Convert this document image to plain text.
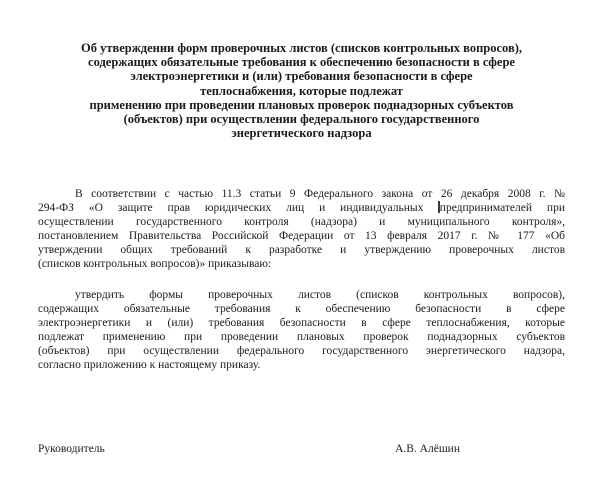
Об утверждении форм проверочных листов (списков контрольных вопросов),
содержащих обязательные требования к обеспечению безопасности в сфере
электроэнергетики и (или) требования безопасности в сфере
теплоснабжения, которые подлежат
применению при проведении плановых проверок поднадзорных субъектов
(объектов) при осуществлении федерального государственного
энергетического надзора
В соответствии с частью 11.3 статьи 9 Федерального закона от 26 декабря 2008 г. №
294-ФЗ «О защите прав юридических лиц и индивидуальных предпринимателей при
осуществлении государственного контроля (надзора) и муниципального контроля»,
постановлением Правительства Российской Федерации от 13 февраля 2017 г. № 177 «Об
утверждении общих требований к разработке и утверждению проверочных листов
(списков контрольных вопросов)» приказываю:
утвердить формы проверочных листов (списков контрольных вопросов),
содержащих обязательные требования к обеспечению безопасности в сфере
электроэнергетики и (или) требования безопасности в сфере теплоснабжения, которые
подлежат применению при проведении плановых проверок поднадзорных субъектов
(объектов) при осуществлении федерального государственного энергетического надзора,
согласно приложению к настоящему приказу.
Руководитель	А.В. Алёшин
